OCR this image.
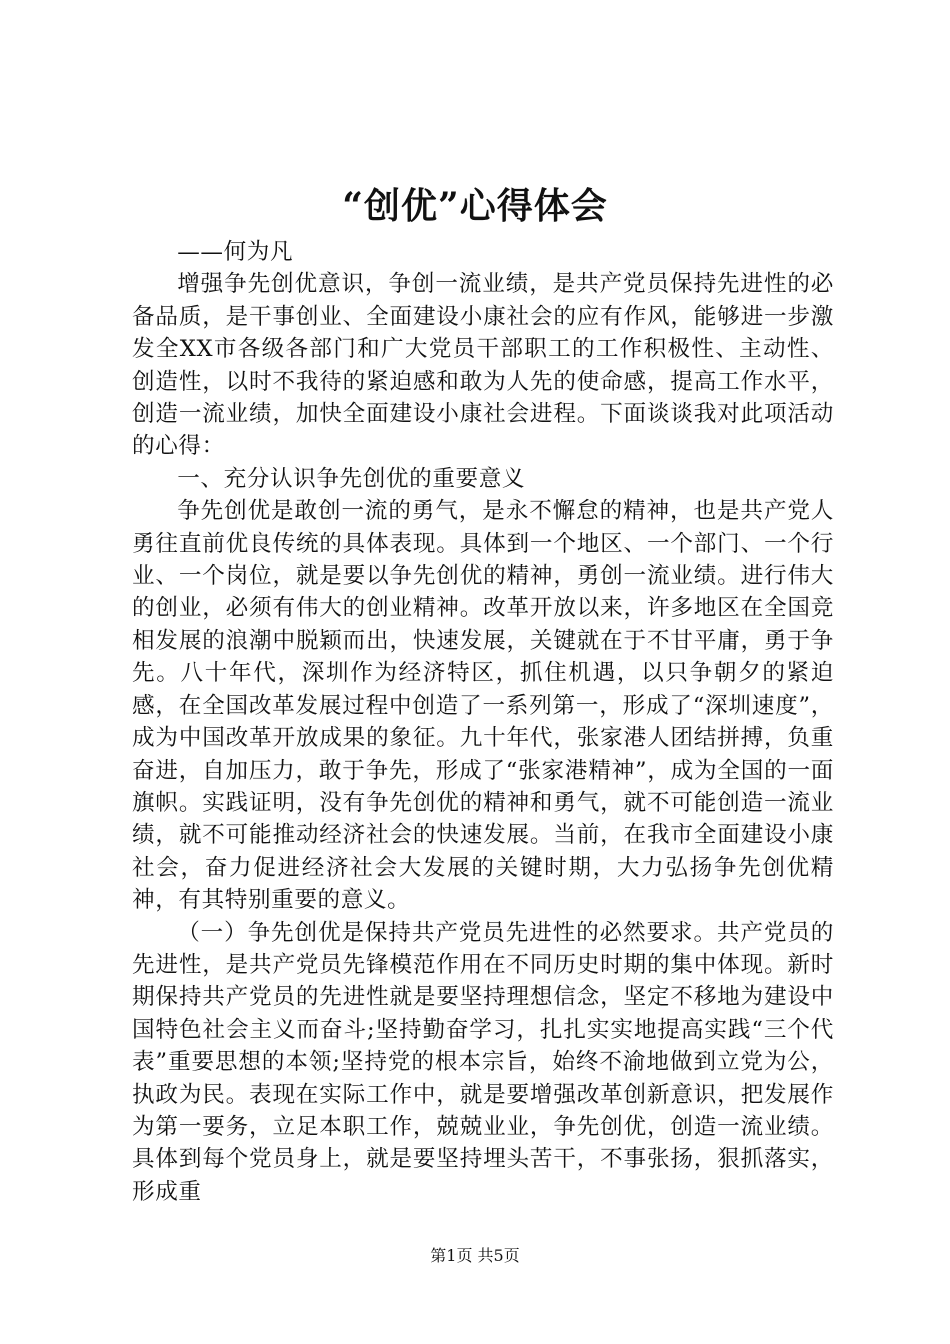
“创优”心得体会

——何为凡

增强争先创优意识，争创一流业绩，是共产党员保持先进性的必备品质，是干事创业、全面建设小康社会的应有作风，能够进一步激发全XX市各级各部门和广大党员干部职工的工作积极性、主动性、创造性，以时不我待的紧迫感和敢为人先的使命感，提高工作水平，创造一流业绩，加快全面建设小康社会进程。下面谈谈我对此项活动的心得：

一、充分认识争先创优的重要意义

争先创优是敢创一流的勇气，是永不懈怠的精神，也是共产党人勇往直前优良传统的具体表现。具体到一个地区、一个部门、一个行业、一个岗位，就是要以争先创优的精神，勇创一流业绩。进行伟大的创业，必须有伟大的创业精神。改革开放以来，许多地区在全国竞相发展的浪潮中脱颖而出，快速发展，关键就在于不甘平庸，勇于争先。八十年代，深圳作为经济特区，抓住机遇，以只争朝夕的紧迫感，在全国改革发展过程中创造了一系列第一，形成了“深圳速度”，成为中国改革开放成果的象征。九十年代，张家港人团结拼搏，负重奋进，自加压力，敢于争先，形成了“张家港精神”，成为全国的一面旗帜。实践证明，没有争先创优的精神和勇气，就不可能创造一流业绩，就不可能推动经济社会的快速发展。当前，在我市全面建设小康社会，奋力促进经济社会大发展的关键时期，大力弘扬争先创优精神，有其特别重要的意义。

（一）争先创优是保持共产党员先进性的必然要求。共产党员的先进性，是共产党员先锋模范作用在不同历史时期的集中体现。新时期保持共产党员的先进性就是要坚持理想信念，坚定不移地为建设中国特色社会主义而奋斗;坚持勤奋学习，扎扎实实地提高实践“三个代表”重要思想的本领;坚持党的根本宗旨，始终不渝地做到立党为公，执政为民。表现在实际工作中，就是要增强改革创新意识，把发展作为第一要务，立足本职工作，兢兢业业，争先创优，创造一流业绩。具体到每个党员身上，就是要坚持埋头苦干，不事张扬，狠抓落实，形成重

第1页 共5页
